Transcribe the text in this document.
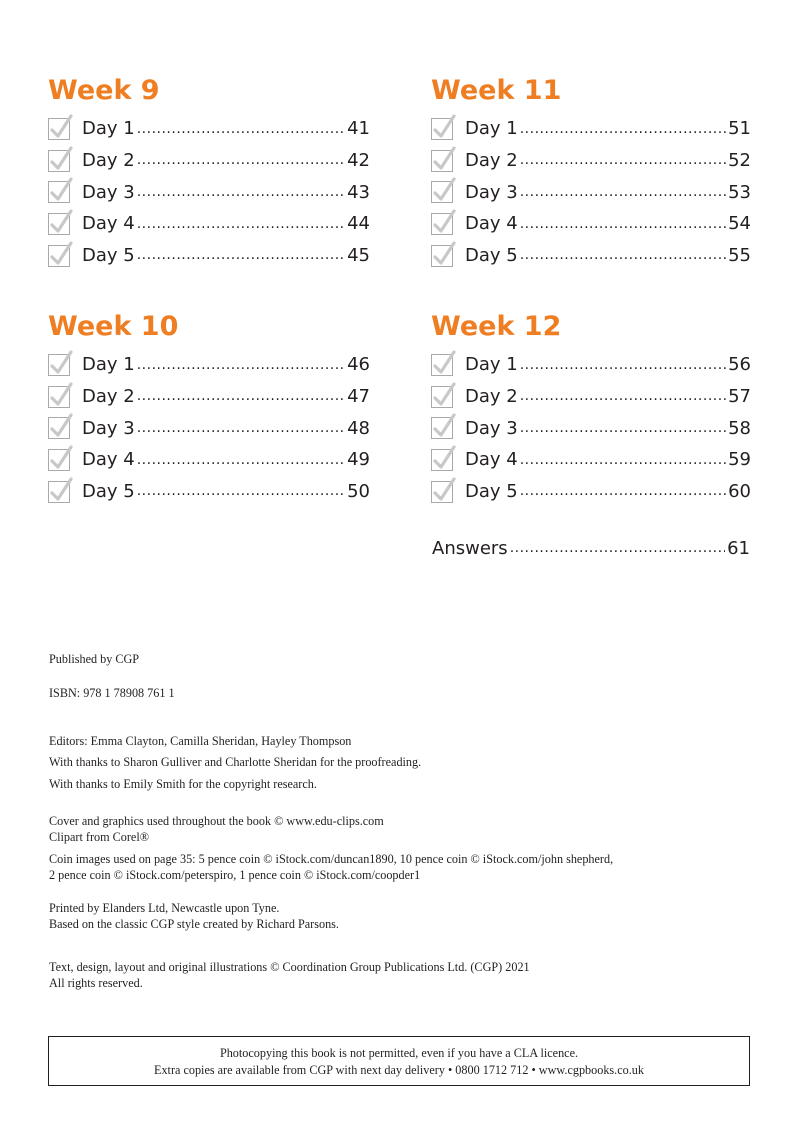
Week 9
Day 1 .....	41
Day 2 .....	42
Day 3 .....	43
Day 4 .....	44
Day 5 .....	45
Week 11
Day 1 .....	51
Day 2 .....	52
Day 3 .....	53
Day 4 .....	54
Day 5 .....	55
Week 10
Day 1 .....	46
Day 2 .....	47
Day 3 .....	48
Day 4 .....	49
Day 5 .....	50
Week 12
Day 1 .....	56
Day 2 .....	57
Day 3 .....	58
Day 4 .....	59
Day 5 .....	60
Answers .....	61

Published by CGP

ISBN: 978 1 78908 761 1

Editors: Emma Clayton, Camilla Sheridan, Hayley Thompson

With thanks to Sharon Gulliver and Charlotte Sheridan for the proofreading.

With thanks to Emily Smith for the copyright research.

Cover and graphics used throughout the book © www.edu-clips.com

Clipart from Corel®

Coin images used on page 35: 5 pence coin © iStock.com/duncan1890, 10 pence coin © iStock.com/john shepherd,

2 pence coin © iStock.com/peterspiro, 1 pence coin © iStock.com/coopder1

Printed by Elanders Ltd, Newcastle upon Tyne.

Based on the classic CGP style created by Richard Parsons.

Text, design, layout and original illustrations © Coordination Group Publications Ltd. (CGP) 2021

All rights reserved.

Photocopying this book is not permitted, even if you have a CLA licence.
Extra copies are available from CGP with next day delivery • 0800 1712 712 • www.cgpbooks.co.uk
